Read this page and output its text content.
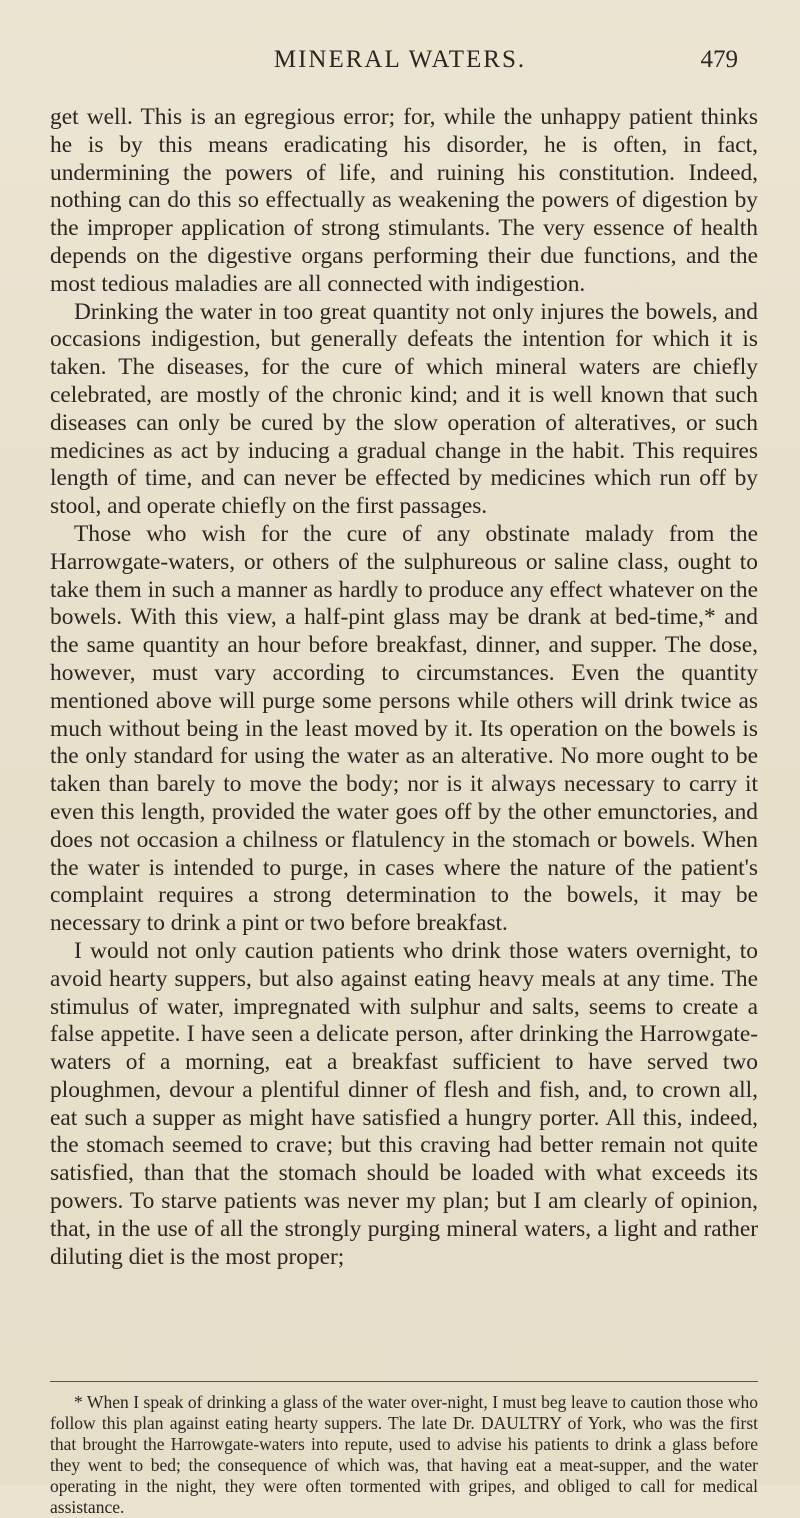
MINERAL WATERS.	479

get well. This is an egregious error; for, while the unhappy patient thinks he is by this means eradicating his disorder, he is often, in fact, undermining the powers of life, and ruining his constitution. Indeed, nothing can do this so effectually as weakening the powers of digestion by the improper application of strong stimulants. The very essence of health depends on the digestive organs performing their due functions, and the most tedious maladies are all connected with indigestion.

Drinking the water in too great quantity not only injures the bowels, and occasions indigestion, but generally defeats the intention for which it is taken. The diseases, for the cure of which mineral waters are chiefly celebrated, are mostly of the chronic kind; and it is well known that such diseases can only be cured by the slow operation of alteratives, or such medicines as act by inducing a gradual change in the habit. This requires length of time, and can never be effected by medicines which run off by stool, and operate chiefly on the first passages.

Those who wish for the cure of any obstinate malady from the Harrowgate-waters, or others of the sulphureous or saline class, ought to take them in such a manner as hardly to produce any effect whatever on the bowels. With this view, a half-pint glass may be drank at bed-time,* and the same quantity an hour before breakfast, dinner, and supper. The dose, however, must vary according to circumstances. Even the quantity mentioned above will purge some persons while others will drink twice as much without being in the least moved by it. Its operation on the bowels is the only standard for using the water as an alterative. No more ought to be taken than barely to move the body; nor is it always necessary to carry it even this length, provided the water goes off by the other emunctories, and does not occasion a chilness or flatulency in the stomach or bowels. When the water is intended to purge, in cases where the nature of the patient's complaint requires a strong determination to the bowels, it may be necessary to drink a pint or two before breakfast.

I would not only caution patients who drink those waters overnight, to avoid hearty suppers, but also against eating heavy meals at any time. The stimulus of water, impregnated with sulphur and salts, seems to create a false appetite. I have seen a delicate person, after drinking the Harrowgate-waters of a morning, eat a breakfast sufficient to have served two ploughmen, devour a plentiful dinner of flesh and fish, and, to crown all, eat such a supper as might have satisfied a hungry porter. All this, indeed, the stomach seemed to crave; but this craving had better remain not quite satisfied, than that the stomach should be loaded with what exceeds its powers. To starve patients was never my plan; but I am clearly of opinion, that, in the use of all the strongly purging mineral waters, a light and rather diluting diet is the most proper;

* When I speak of drinking a glass of the water over-night, I must beg leave to caution those who follow this plan against eating hearty suppers. The late Dr. DAULTRY of York, who was the first that brought the Harrowgate-waters into repute, used to advise his patients to drink a glass before they went to bed; the consequence of which was, that having eat a meat-supper, and the water operating in the night, they were often tormented with gripes, and obliged to call for medical assistance.
